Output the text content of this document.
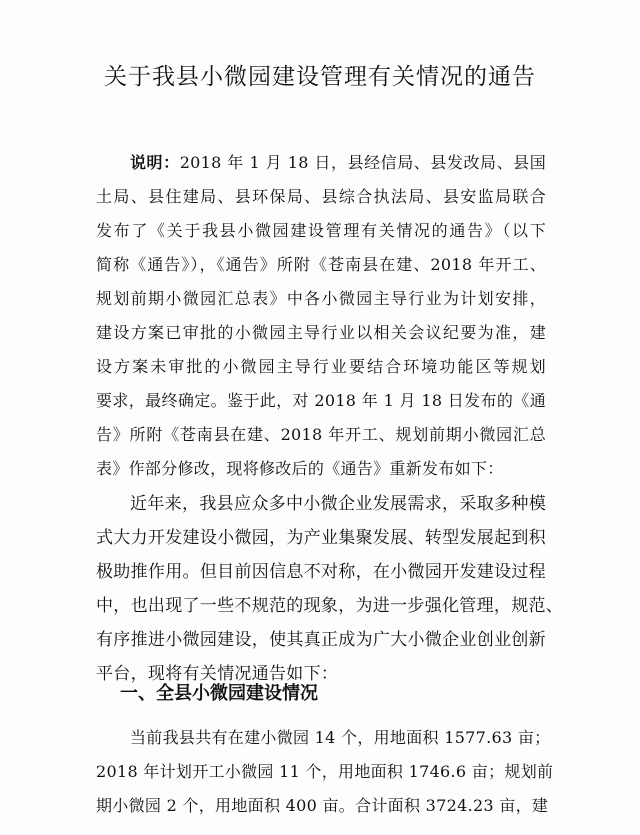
关于我县小微园建设管理有关情况的通告
说明：2018 年 1 月 18 日，县经信局、县发改局、县国
土局、县住建局、县环保局、县综合执法局、县安监局联合
发布了《关于我县小微园建设管理有关情况的通告》（以下
简称《通告》），《通告》所附《苍南县在建、2018 年开工、
规划前期小微园汇总表》中各小微园主导行业为计划安排，
建设方案已审批的小微园主导行业以相关会议纪要为准，建
设方案未审批的小微园主导行业要结合环境功能区等规划
要求，最终确定。鉴于此，对 2018 年 1 月 18 日发布的《通
告》所附《苍南县在建、2018 年开工、规划前期小微园汇总
表》作部分修改，现将修改后的《通告》重新发布如下：
近年来，我县应众多中小微企业发展需求，采取多种模
式大力开发建设小微园，为产业集聚发展、转型发展起到积
极助推作用。但目前因信息不对称，在小微园开发建设过程
中，也出现了一些不规范的现象，为进一步强化管理，规范、
有序推进小微园建设，使其真正成为广大小微企业创业创新
平台，现将有关情况通告如下：
一、全县小微园建设情况
当前我县共有在建小微园 14 个，用地面积 1577.63 亩；
2018 年计划开工小微园 11 个，用地面积 1746.6 亩；规划前
期小微园 2 个，用地面积 400 亩。合计面积 3724.23 亩，建
